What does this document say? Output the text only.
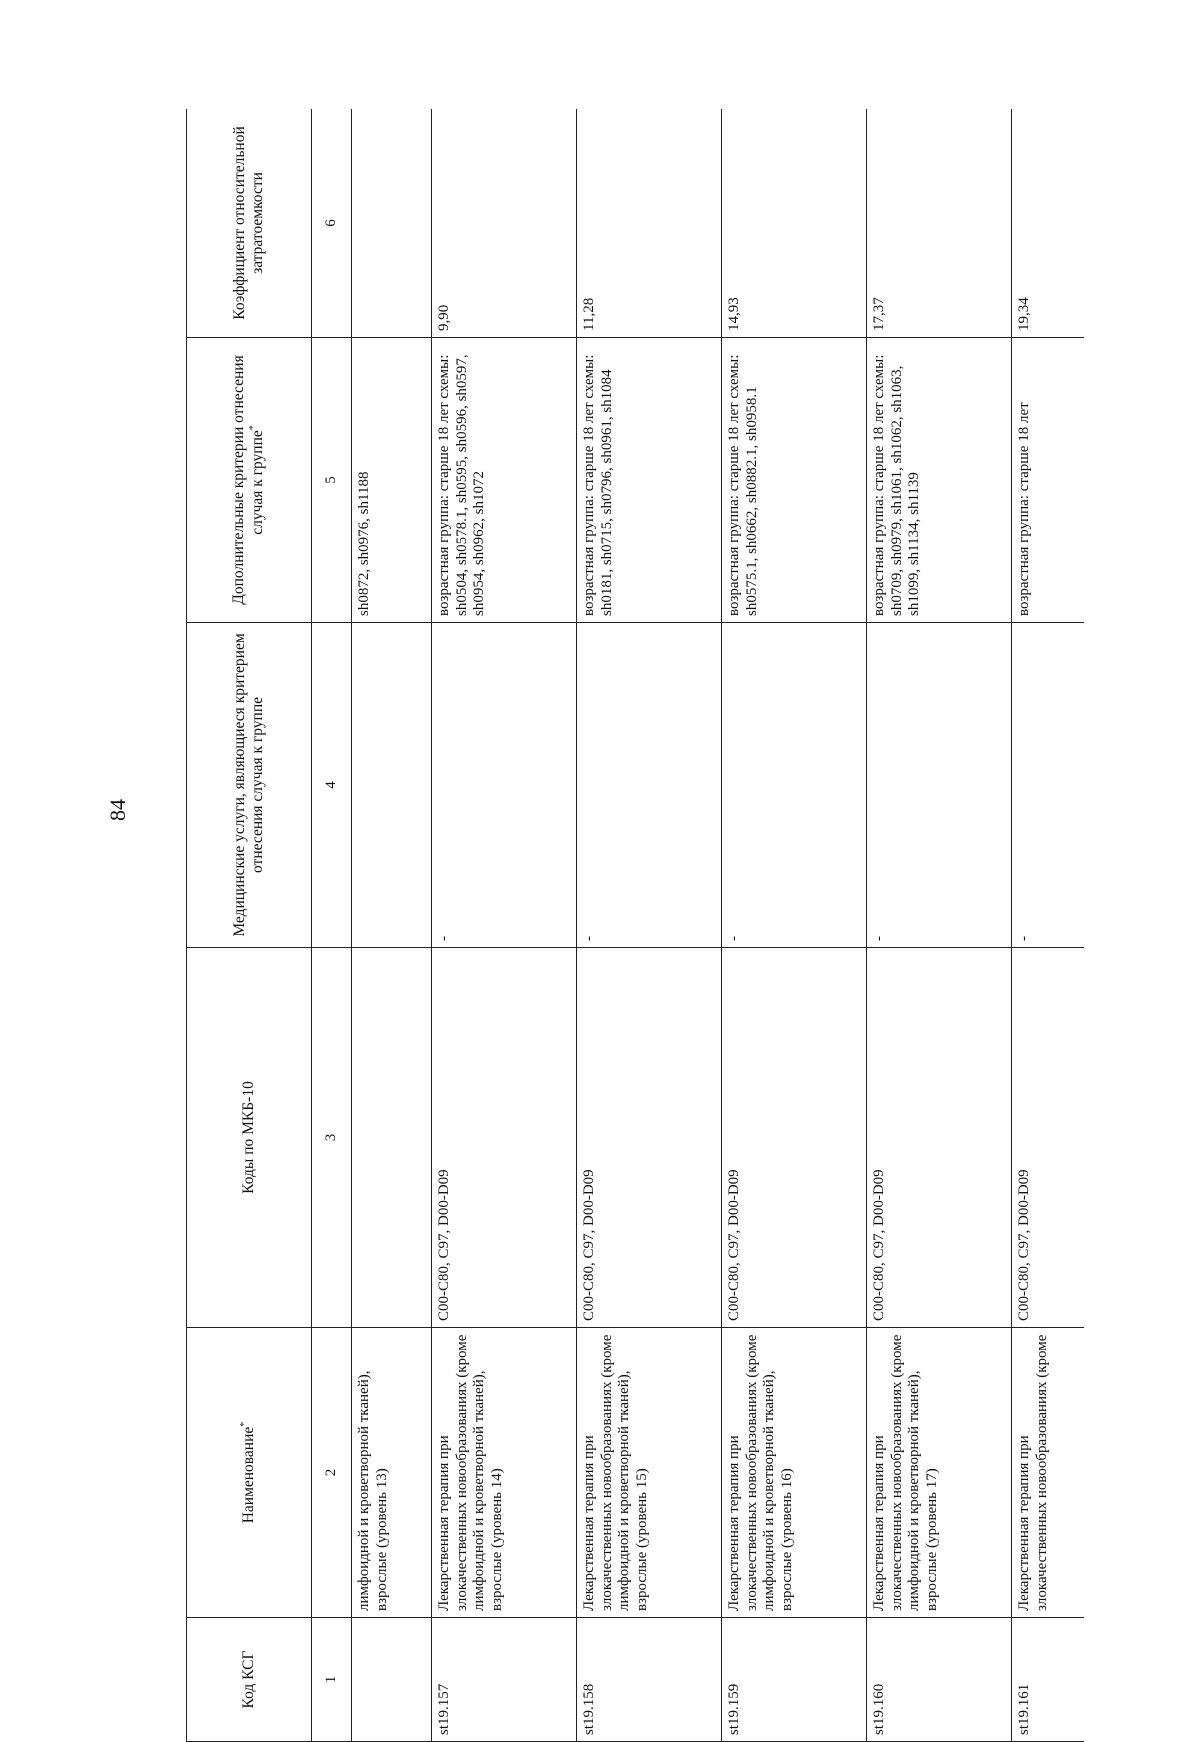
84
Код КСГ	Наименование*	Коды по МКБ-10	Медицинские услуги, являющиеся критерием отнесения случая к группе	Дополнительные критерии отнесения случая к группе*	Коэффициент относительной затратоемкости
1	2	3	4	5	6
	лимфоидной и кроветворной тканей), взрослые (уровень 13)			sh0872, sh0976, sh1188	
st19.157	Лекарственная терапия при злокачественных новообразованиях (кроме лимфоидной и кроветворной тканей), взрослые (уровень 14)	C00-C80, C97, D00-D09	-	возрастная группа: старше 18 лет схемы: sh0504, sh0578.1, sh0595, sh0596, sh0597, sh0954, sh0962, sh1072	9,90
st19.158	Лекарственная терапия при злокачественных новообразованиях (кроме лимфоидной и кроветворной тканей), взрослые (уровень 15)	C00-C80, C97, D00-D09	-	возрастная группа: старше 18 лет схемы: sh0181, sh0715, sh0796, sh0961, sh1084	11,28
st19.159	Лекарственная терапия при злокачественных новообразованиях (кроме лимфоидной и кроветворной тканей), взрослые (уровень 16)	C00-C80, C97, D00-D09	-	возрастная группа: старше 18 лет схемы: sh0575.1, sh0662, sh0882.1, sh0958.1	14,93
st19.160	Лекарственная терапия при злокачественных новообразованиях (кроме лимфоидной и кроветворной тканей), взрослые (уровень 17)	C00-C80, C97, D00-D09	-	возрастная группа: старше 18 лет схемы: sh0709, sh0979, sh1061, sh1062, sh1063, sh1099, sh1134, sh1139	17,37
st19.161	Лекарственная терапия при злокачественных новообразованиях (кроме	C00-C80, C97, D00-D09	-	возрастная группа: старше 18 лет	19,34
